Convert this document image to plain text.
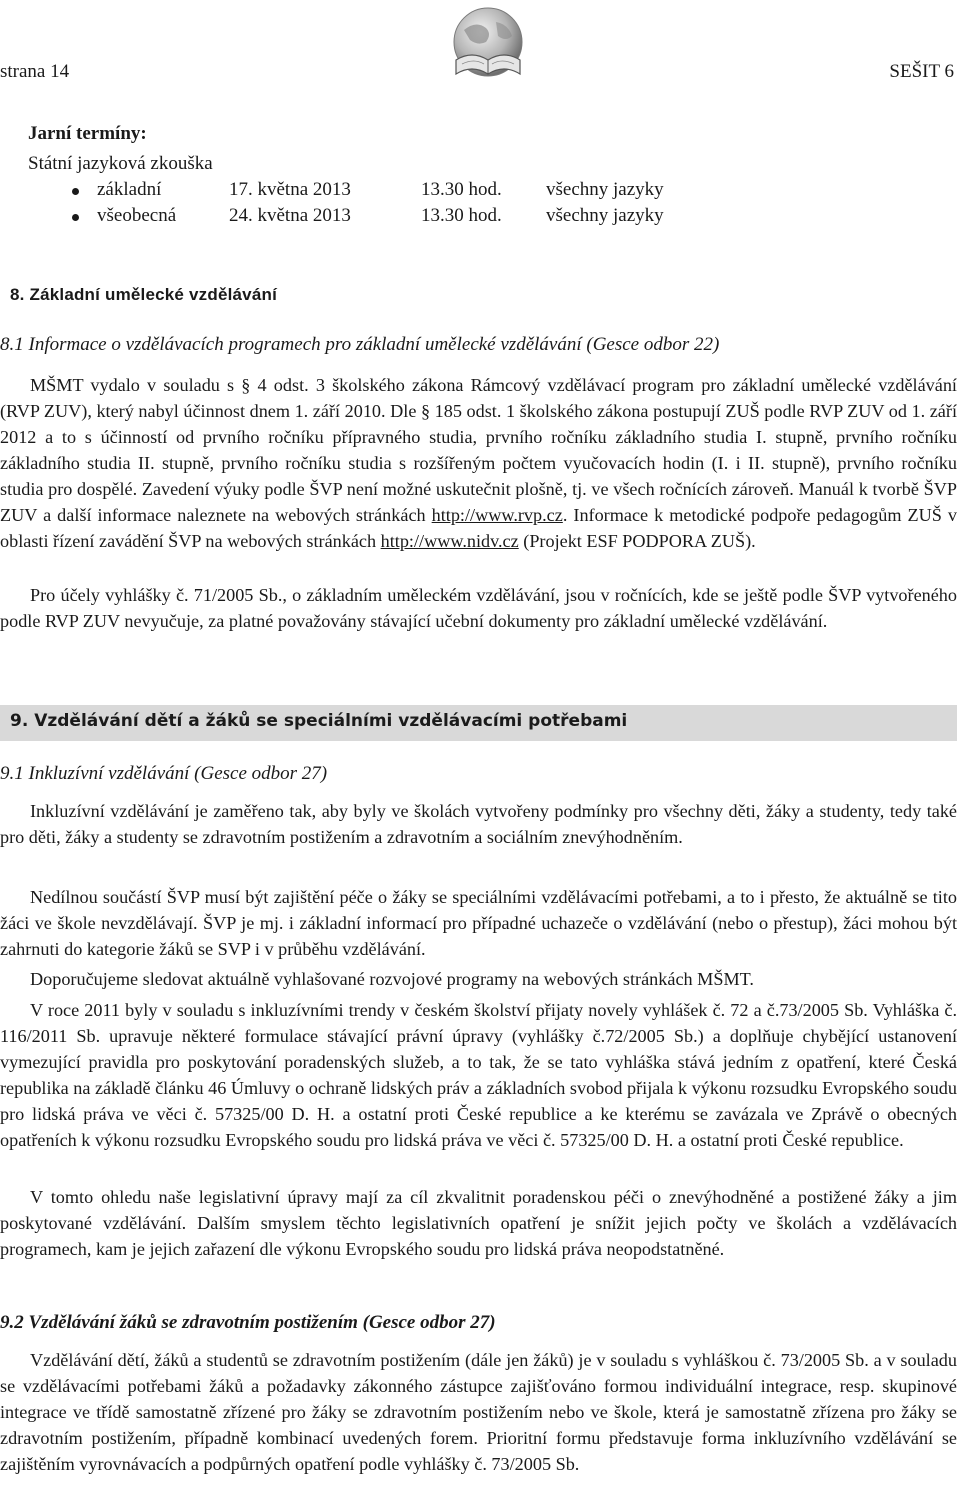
strana 14	SEŠIT 6
Jarní termíny:
Státní jazyková zkouška
základní	17. května 2013	13.30 hod. všechny jazyky
všeobecná	24. května 2013	13.30 hod. všechny jazyky
8. Základní umělecké vzdělávání
8.1 Informace o vzdělávacích programech pro základní umělecké vzdělávání (Gesce odbor 22)
MŠMT vydalo v souladu s § 4 odst. 3 školského zákona Rámcový vzdělávací program pro základní umělecké vzdělávání (RVP ZUV), který nabyl účinnost dnem 1. září 2010. Dle § 185 odst. 1 školského zákona postupují ZUŠ podle RVP ZUV od 1. září 2012 a to s účinností od prvního ročníku přípravného studia, prvního ročníku základního studia I. stupně, prvního ročníku základního studia II. stupně, prvního ročníku studia s rozšířeným počtem vyučovacích hodin (I. i II. stupně), prvního ročníku studia pro dospělé. Zavedení výuky podle ŠVP není možné uskutečnit plošně, tj. ve všech ročnících zároveň. Manuál k tvorbě ŠVP ZUV a další informace naleznete na webových stránkách http://www.rvp.cz. Informace k metodické podpoře pedagogům ZUŠ v oblasti řízení zavádění ŠVP na webových stránkách http://www.nidv.cz (Projekt ESF PODPORA ZUŠ).
Pro účely vyhlášky č. 71/2005 Sb., o základním uměleckém vzdělávání, jsou v ročnících, kde se ještě podle ŠVP vytvořeného podle RVP ZUV nevyučuje, za platné považovány stávající učební dokumenty pro základní umělecké vzdělávání.
9. Vzdělávání dětí a žáků se speciálními vzdělávacími potřebami
9.1 Inkluzívní vzdělávání (Gesce odbor 27)
Inkluzívní vzdělávání je zaměřeno tak, aby byly ve školách vytvořeny podmínky pro všechny děti, žáky a studenty, tedy také pro děti, žáky a studenty se zdravotním postižením a zdravotním a sociálním znevýhodněním.
Nedílnou součástí ŠVP musí být zajištění péče o žáky se speciálními vzdělávacími potřebami, a to i přesto, že aktuálně se tito žáci ve škole nevzdělávají. ŠVP je mj. i základní informací pro případné uchazeče o vzdělávání (nebo o přestup), žáci mohou být zahrnuti do kategorie žáků se SVP i v průběhu vzdělávání.
Doporučujeme sledovat aktuálně vyhlašované rozvojové programy na webových stránkách MŠMT.
V roce 2011 byly v souladu s inkluzívními trendy v českém školství přijaty novely vyhlášek č. 72 a č.73/2005 Sb. Vyhláška č. 116/2011 Sb. upravuje některé formulace stávající právní úpravy (vyhlášky č.72/2005 Sb.) a doplňuje chybějící ustanovení vymezující pravidla pro poskytování poradenských služeb, a to tak, že se tato vyhláška stává jedním z opatření, které Česká republika na základě článku 46 Úmluvy o ochraně lidských práv a základních svobod přijala k výkonu rozsudku Evropského soudu pro lidská práva ve věci č. 57325/00 D. H. a ostatní proti České republice a ke kterému se zavázala ve Zprávě o obecných opatřeních k výkonu rozsudku Evropského soudu pro lidská práva ve věci č. 57325/00 D. H. a ostatní proti České republice.
V tomto ohledu naše legislativní úpravy mají za cíl zkvalitnit poradenskou péči o znevýhodněné a postižené žáky a jim poskytované vzdělávání. Dalším smyslem těchto legislativních opatření je snížit jejich počty ve školách a vzdělávacích programech, kam je jejich zařazení dle výkonu Evropského soudu pro lidská práva neopodstatněné.
9.2 Vzdělávání žáků se zdravotním postižením (Gesce odbor 27)
Vzdělávání dětí, žáků a studentů se zdravotním postižením (dále jen žáků) je v souladu s vyhláškou č. 73/2005 Sb. a v souladu se vzdělávacími potřebami žáků a požadavky zákonného zástupce zajišťováno formou individuální integrace, resp. skupinové integrace ve třídě samostatně zřízené pro žáky se zdravotním postižením nebo ve škole, která je samostatně zřízena pro žáky se zdravotním postižením, případně kombinací uvedených forem. Prioritní formu představuje forma inkluzívního vzdělávání se zajištěním vyrovnávacích a podpůrných opatření podle vyhlášky č. 73/2005 Sb.
